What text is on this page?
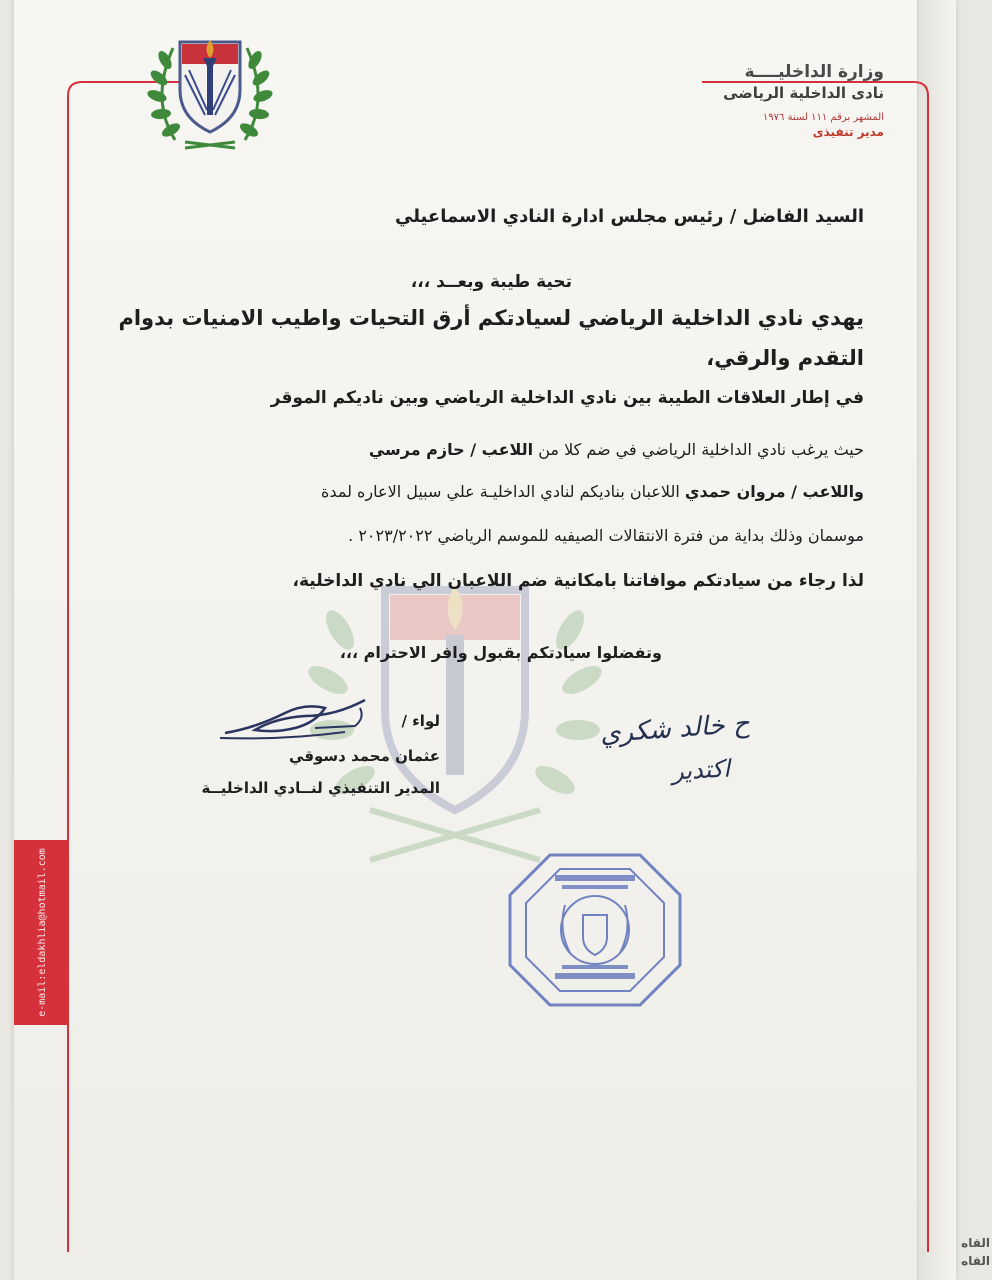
e-mail:eldakhlia@hotmail.com
وزارة الداخليــــة
نادى الداخلية الرياضى
المشهر برقم ١١١ لسنة ١٩٧٦
مدير تنفيذى
السيد الفاضل / رئيس مجلس ادارة النادي الاسماعيلي
تحية طيبة وبعــد ،،،
يهدي نادي الداخلية الرياضي لسيادتكم أرق التحيات واطيب الامنيات بدوام
التقدم والرقي،
في إطار العلاقات الطيبة بين نادي الداخلية الرياضي وبين ناديكم الموقر
حيث يرغب نادي الداخلية الرياضي في ضم كلا من اللاعب / حازم مرسي
واللاعب / مروان حمدي اللاعبان بناديكم لنادي الداخليـة علي سبيل الاعاره لمدة
موسمان وذلك بداية من فترة الانتقالات الصيفيه للموسم الرياضي ٢٠٢٣/٢٠٢٢ .
لذا رجاء من سيادتكم موافاتنا بامكانية ضم اللاعبان الي نادي الداخلية،
وتفضلوا سيادتكم بقبول وافر الاحترام ،،،
لواء /
عثمان محمد دسوقي
المدير التنفيذي لنــادي الداخليــة
ح خالد شكري
اكتدير
القاه
القاه
